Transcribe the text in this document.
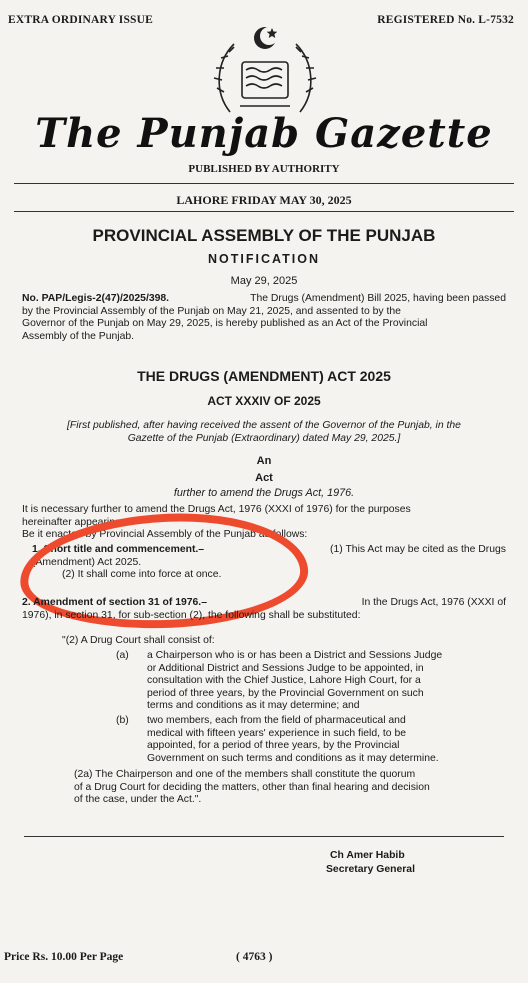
EXTRA ORDINARY ISSUE	REGISTERED No. L-7532
The Punjab Gazette
PUBLISHED BY AUTHORITY
LAHORE FRIDAY MAY 30, 2025
PROVINCIAL ASSEMBLY OF THE PUNJAB
NOTIFICATION
May 29, 2025
No. PAP/Legis-2(47)/2025/398.	The Drugs (Amendment) Bill 2025, having been passed
by the Provincial Assembly of the Punjab on May 21, 2025, and assented to by the
Governor of the Punjab on May 29, 2025, is hereby published as an Act of the Provincial
Assembly of the Punjab.
THE DRUGS (AMENDMENT) ACT 2025
ACT XXXIV OF 2025
[First published, after having received the assent of the Governor of the Punjab, in the
Gazette of the Punjab (Extraordinary) dated May 29, 2025.]
An
Act
further to amend the Drugs Act, 1976.
It is necessary further to amend the Drugs Act, 1976 (XXXI of 1976) for the purposes
hereinafter appearing.
Be it enacted by Provincial Assembly of the Punjab as follows:
1. Short title and commencement.–	(1) This Act may be cited as the Drugs
(Amendment) Act 2025.
(2) It shall come into force at once.
2. Amendment of section 31 of 1976.–	In the Drugs Act, 1976 (XXXI of
1976), in section 31, for sub-section (2), the following shall be substituted:
"(2) A Drug Court shall consist of:
(a) a Chairperson who is or has been a District and Sessions Judge
or Additional District and Sessions Judge to be appointed, in
consultation with the Chief Justice, Lahore High Court, for a
period of three years, by the Provincial Government on such
terms and conditions as it may determine; and
(b) two members, each from the field of pharmaceutical and
medical with fifteen years' experience in such field, to be
appointed, for a period of three years, by the Provincial
Government on such terms and conditions as it may determine.
(2a) The Chairperson and one of the members shall constitute the quorum
of a Drug Court for deciding the matters, other than final hearing and decision
of the case, under the Act.".
Ch Amer Habib
Secretary General
Price Rs. 10.00 Per Page	( 4763 )
